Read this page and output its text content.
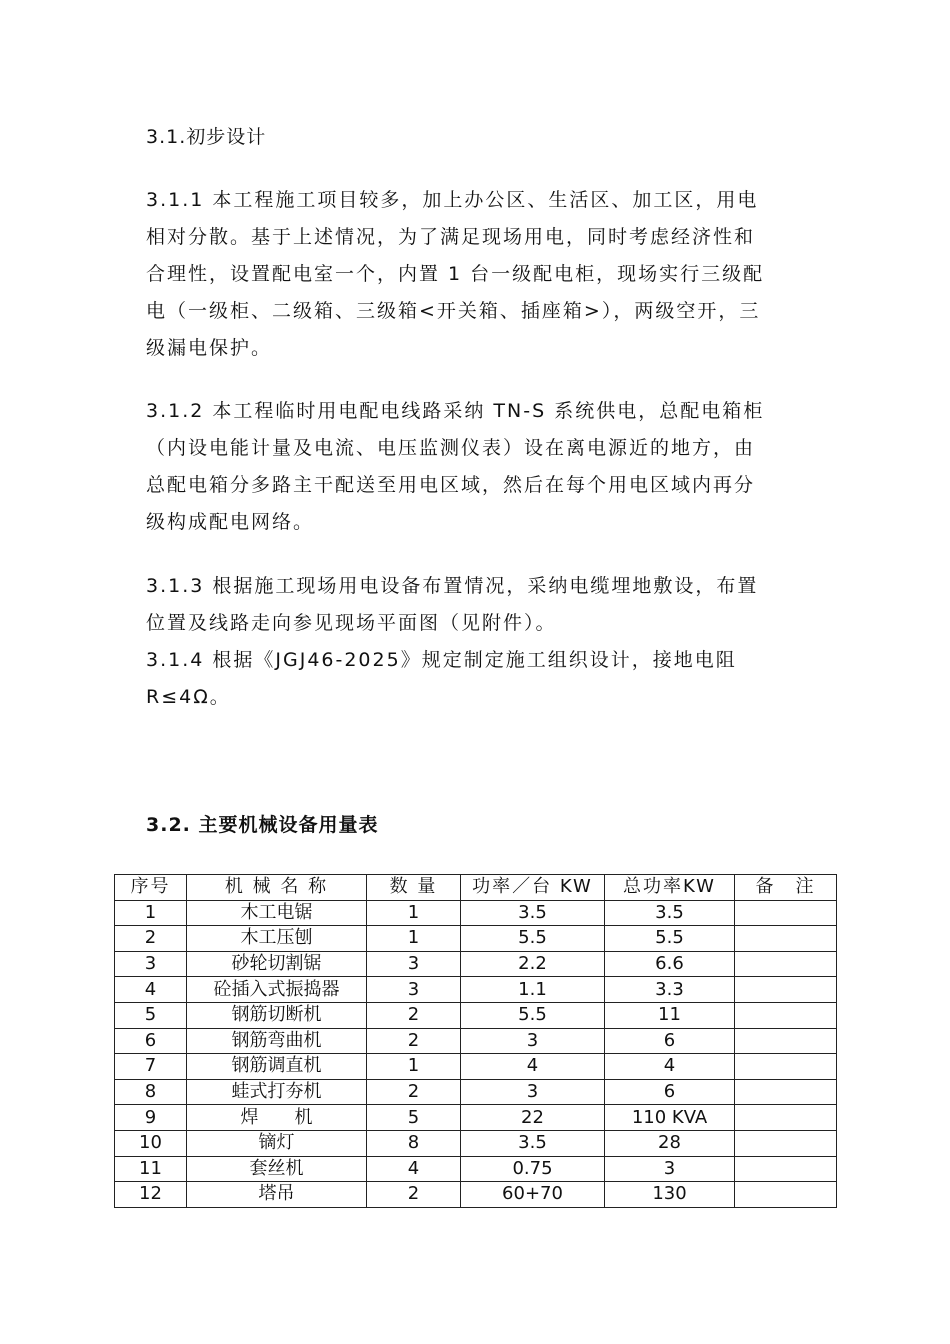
3.1.初步设计
3.1.1 本工程施工项目较多，加上办公区、生活区、加工区，用电
相对分散。基于上述情况，为了满足现场用电，同时考虑经济性和
合理性，设置配电室一个，内置 1 台一级配电柜，现场实行三级配
电（一级柜、二级箱、三级箱<开关箱、插座箱>），两级空开，三
级漏电保护。
3.1.2 本工程临时用电配电线路采纳 TN-S 系统供电，总配电箱柜
（内设电能计量及电流、电压监测仪表）设在离电源近的地方，由
总配电箱分多路主干配送至用电区域，然后在每个用电区域内再分
级构成配电网络。
3.1.3 根据施工现场用电设备布置情况，采纳电缆埋地敷设，布置
位置及线路走向参见现场平面图（见附件）。
3.1.4 根据《JGJ46-2025》规定制定施工组织设计，接地电阻
R≤4Ω。
3.2. 主要机械设备用量表
序号	机 械 名 称	数 量	功率／台 KW	总功率KW	备　注
1	木工电锯	1	3.5	3.5	
2	木工压刨	1	5.5	5.5	
3	砂轮切割锯	3	2.2	6.6	
4	砼插入式振捣器	3	1.1	3.3	
5	钢筋切断机	2	5.5	11	
6	钢筋弯曲机	2	3	6	
7	钢筋调直机	1	4	4	
8	蛙式打夯机	2	3	6	
9	焊　　机	5	22	110 KVA	
10	镝灯	8	3.5	28	
11	套丝机	4	0.75	3	
12	塔吊	2	60+70	130	
